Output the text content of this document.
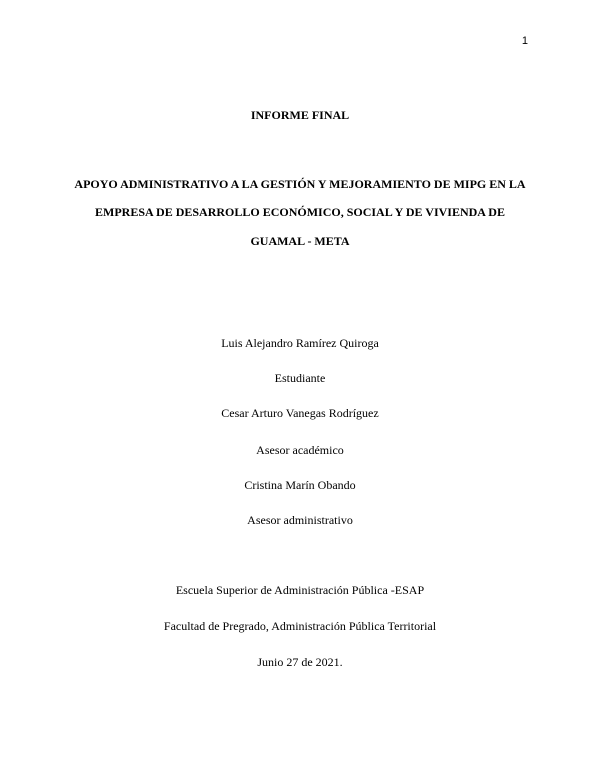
1
INFORME FINAL
APOYO ADMINISTRATIVO A LA GESTIÓN Y MEJORAMIENTO DE MIPG EN LA
EMPRESA DE DESARROLLO ECONÓMICO, SOCIAL Y DE VIVIENDA DE
GUAMAL - META
Luis Alejandro Ramírez Quiroga
Estudiante
Cesar Arturo Vanegas Rodríguez
Asesor académico
Cristina Marín Obando
Asesor administrativo
Escuela Superior de Administración Pública -ESAP
Facultad de Pregrado, Administración Pública Territorial
Junio 27 de 2021.
